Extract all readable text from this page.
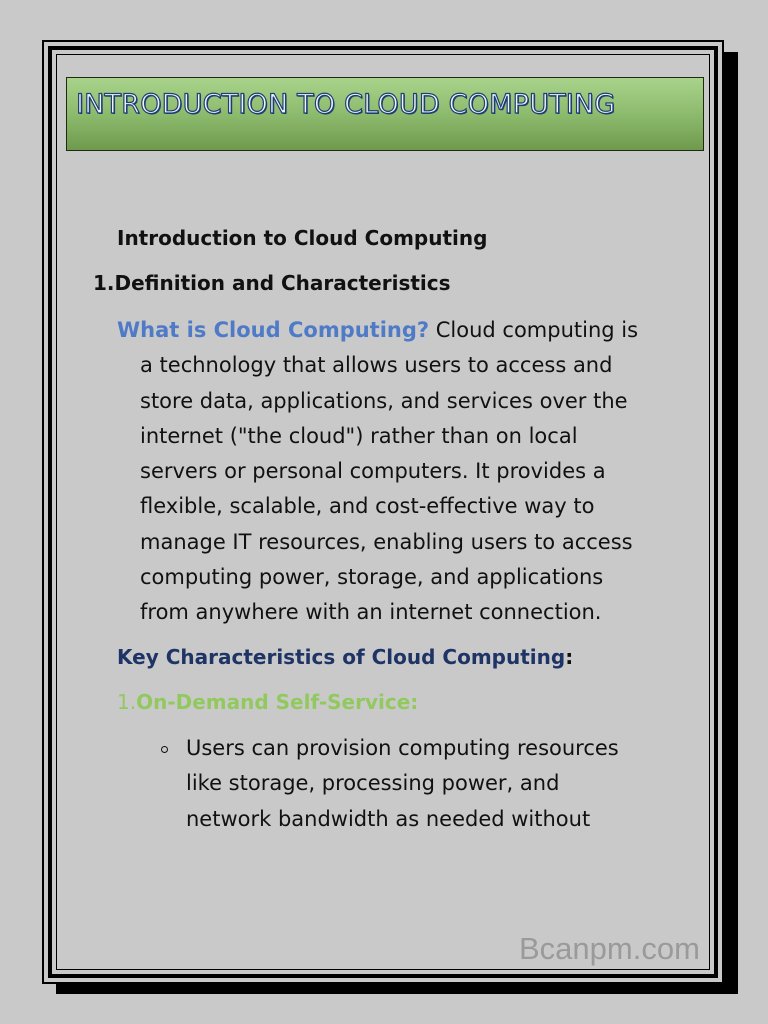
INTRODUCTION TO CLOUD COMPUTING
Introduction to Cloud Computing
1.Definition and Characteristics
What is Cloud Computing? Cloud computing is
a technology that allows users to access and
store data, applications, and services over the
internet ("the cloud") rather than on local
servers or personal computers. It provides a
flexible, scalable, and cost-effective way to
manage IT resources, enabling users to access
computing power, storage, and applications
from anywhere with an internet connection.
Key Characteristics of Cloud Computing:
1.On-Demand Self-Service:
Users can provision computing resources
like storage, processing power, and
network bandwidth as needed without
Bcanpm.com
